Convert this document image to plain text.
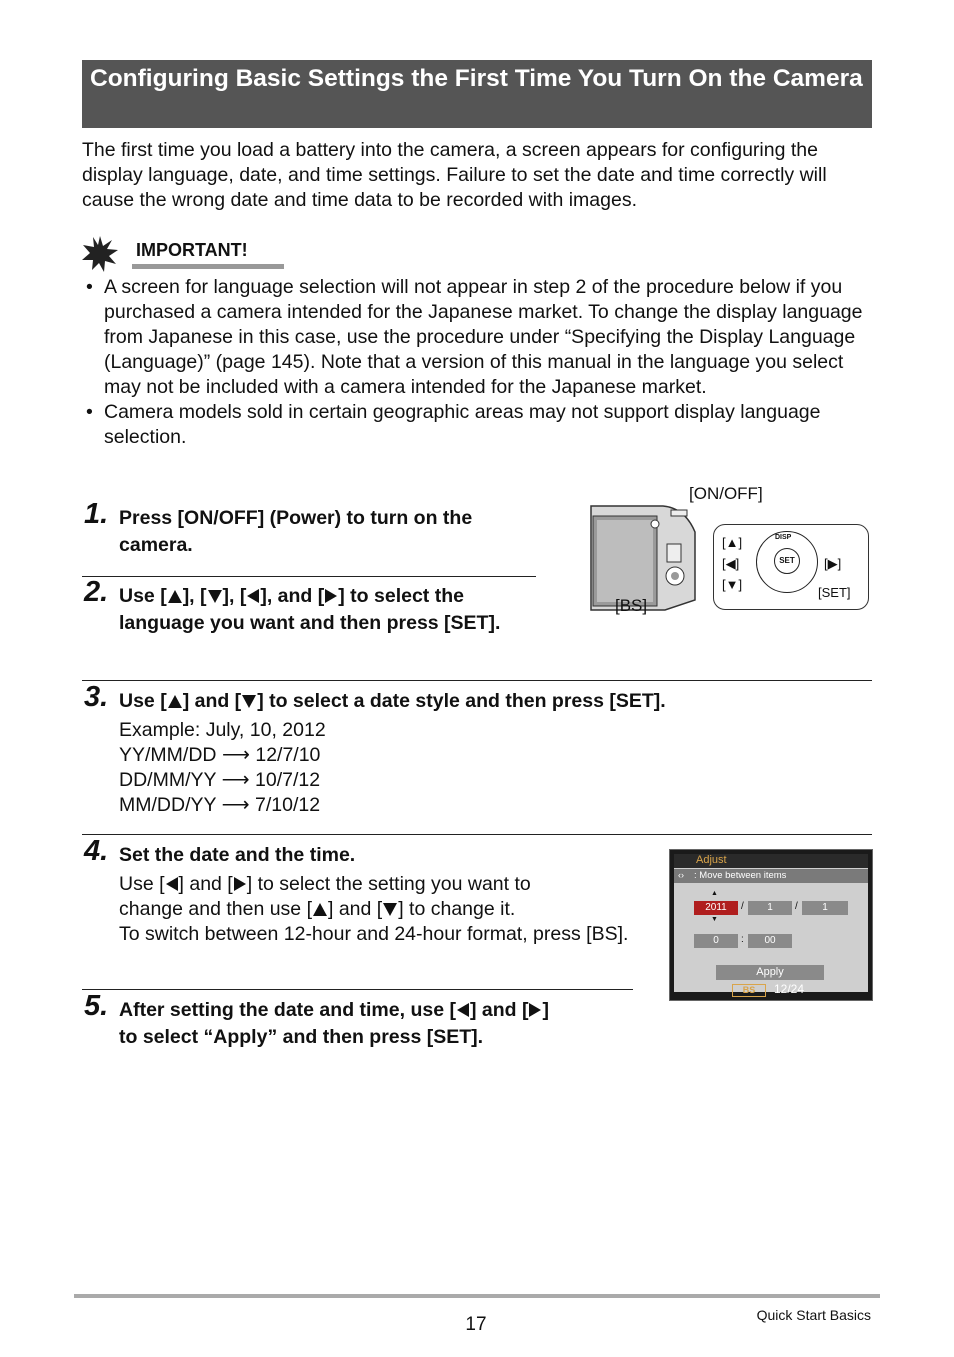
Configuring Basic Settings the First Time You Turn On the Camera
The first time you load a battery into the camera, a screen appears for configuring the display language, date, and time settings. Failure to set the date and time correctly will cause the wrong date and time data to be recorded with images.
IMPORTANT!
• A screen for language selection will not appear in step 2 of the procedure below if you purchased a camera intended for the Japanese market. To change the display language from Japanese in this case, use the procedure under “Specifying the Display Language (Language)” (page 145). Note that a version of this manual in the language you select may not be included with a camera intended for the Japanese market.
• Camera models sold in certain geographic areas may not support display language selection.
1. Press [ON/OFF] (Power) to turn on the camera.
2. Use [ ], [ ], [ ], and [ ] to select the language you want and then press [SET].
[ON/OFF]
[BS]
[▲]
[◀]
[▼]
[▶]
[SET]
SET
DISP
3. Use [ ] and [ ] to select a date style and then press [SET].
Example: July, 10, 2012
YY/MM/DD ⟶ 12/7/10
DD/MM/YY ⟶ 10/7/12
MM/DD/YY ⟶ 7/10/12
4. Set the date and the time.
Use [ ] and [ ] to select the setting you want to
change and then use [ ] and [ ] to change it.
To switch between 12-hour and 24-hour format, press [BS].
Adjust
‹› : Move between items
▲
2011
▼
/	1	/	1
0	:	00
Apply
BS	12/24
5. After setting the date and time, use [ ] and [ ]
to select “Apply” and then press [SET].
17	Quick Start Basics
